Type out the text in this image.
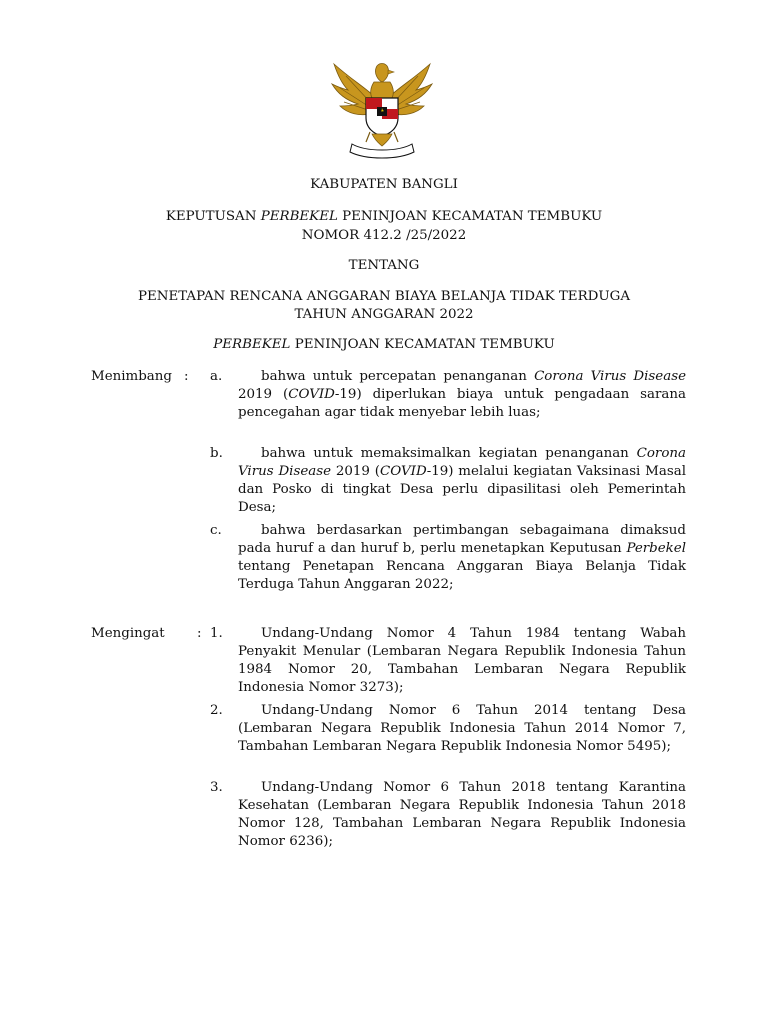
KABUPATEN BANGLI
KEPUTUSAN PERBEKEL PENINJOAN KECAMATAN TEMBUKU
NOMOR 412.2 /25/2022
TENTANG
PENETAPAN RENCANA ANGGARAN BIAYA BELANJA TIDAK TERDUGA
TAHUN ANGGARAN 2022
PERBEKEL PENINJOAN KECAMATAN TEMBUKU
Menimbang : a.	bahwa untuk percepatan penanganan Corona Virus Disease 2019 (COVID-19) diperlukan biaya untuk pengadaan sarana pencegahan agar tidak menyebar lebih luas;
b.	bahwa untuk memaksimalkan kegiatan penanganan Corona Virus Disease 2019 (COVID-19) melalui kegiatan Vaksinasi Masal dan Posko di tingkat Desa perlu dipasilitasi oleh Pemerintah Desa;
c.	bahwa berdasarkan pertimbangan sebagaimana dimaksud pada huruf a dan huruf b, perlu menetapkan Keputusan Perbekel tentang Penetapan Rencana Anggaran Biaya Belanja Tidak Terduga Tahun Anggaran 2022;
Mengingat : 1.	Undang-Undang Nomor 4 Tahun 1984 tentang Wabah Penyakit Menular (Lembaran Negara Republik Indonesia Tahun 1984 Nomor 20, Tambahan Lembaran Negara Republik Indonesia Nomor 3273);
2.	Undang-Undang Nomor 6 Tahun 2014 tentang Desa (Lembaran Negara Republik Indonesia Tahun 2014 Nomor 7, Tambahan Lembaran Negara Republik Indonesia Nomor 5495);
3.	Undang-Undang Nomor 6 Tahun 2018 tentang Karantina Kesehatan (Lembaran Negara Republik Indonesia Tahun 2018 Nomor 128, Tambahan Lembaran Negara Republik Indonesia Nomor 6236);
